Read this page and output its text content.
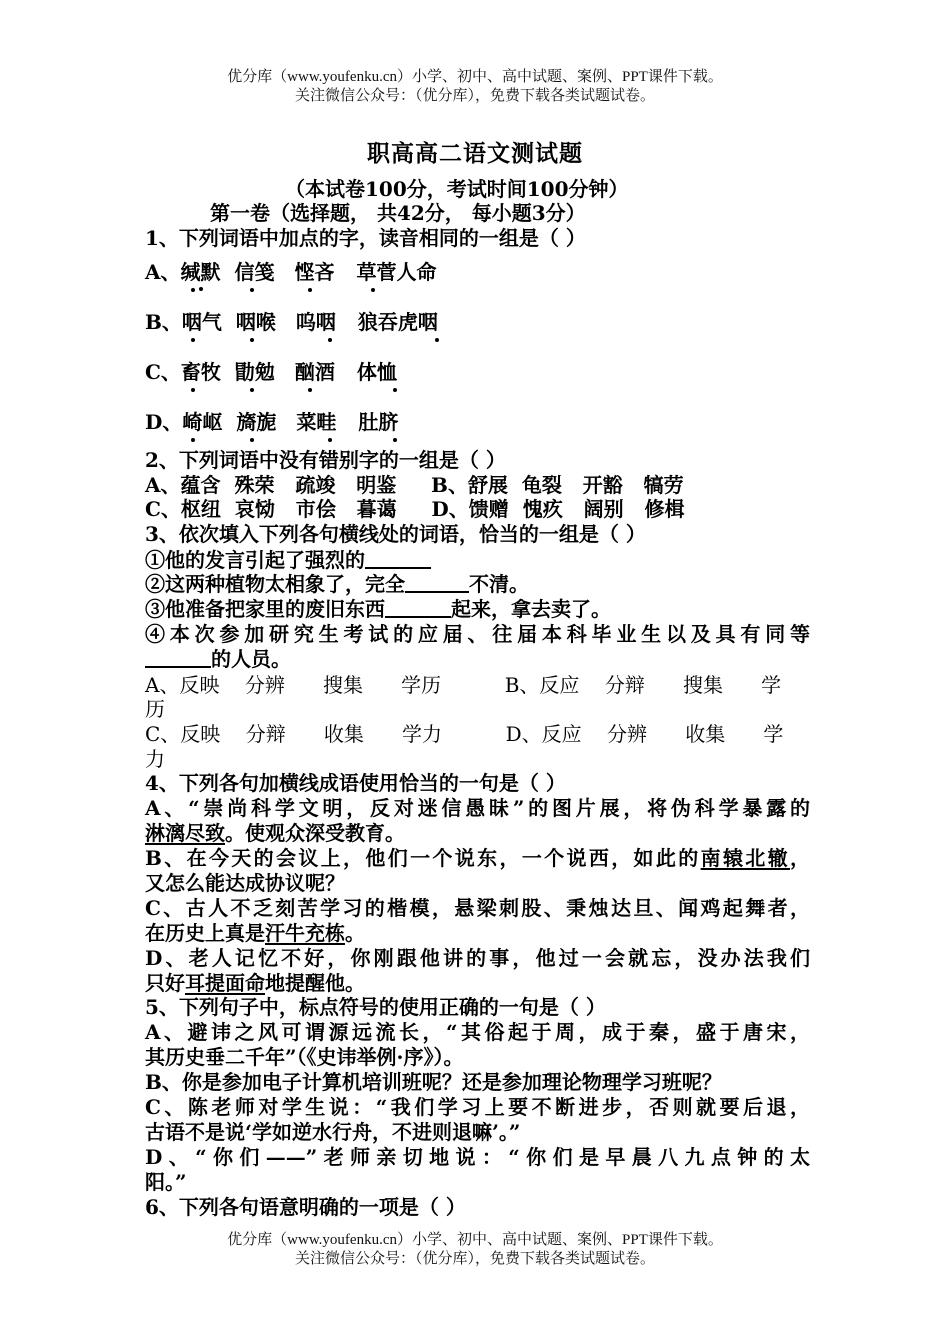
优分库（www.youfenku.cn）小学、初中、高中试题、案例、PPT课件下载。
关注微信公众号：（优分库），免费下载各类试题试卷。
职高高二语文测试题
（本试卷100分，考试时间100分钟）
第一卷（选择题， 共42分， 每小题3分）
1、下列词语中加点的字，读音相同的一组是（ ）
A、缄默 信笺 悭吝 草菅人命
B、咽气 咽喉 呜咽 狼吞虎咽
C、畜牧 勖勉 酗酒 体恤
D、崎岖 旖旎 菜畦 肚脐
2、下列词语中没有错别字的一组是（ ）
A、蕴含  殊荣   疏竣   明鉴     B、舒展  龟裂   开豁   犒劳
C、枢纽  哀恸   市侩   暮蔼     D、馈赠  愧疚   阔别   修楫
3、依次填入下列各句横线处的词语，恰当的一组是（ ）
①他的发言引起了强烈的
②这两种植物太相象了，完全	不清。
③他准备把家里的废旧东西	起来，拿去卖了。
④本次参加研究生考试的应届、往届本科毕业生以及具有同等
的人员。
A、反映    分辨      搜集      学历          B、反应    分辩      搜集      学
历
C、反映    分辩      收集      学力          D、反应    分辨      收集      学
力
4、下列各句加横线成语使用恰当的一句是（ ）
A、“崇尚科学文明，反对迷信愚昧”的图片展，将伪科学暴露的
淋漓尽致。使观众深受教育。
B、在今天的会议上，他们一个说东，一个说西，如此的南辕北辙，
又怎么能达成协议呢？
C、古人不乏刻苦学习的楷模，悬梁刺股、秉烛达旦、闻鸡起舞者，
在历史上真是汗牛充栋。
D、老人记忆不好，你刚跟他讲的事，他过一会就忘，没办法我们
只好耳提面命地提醒他。
5、下列句子中，标点符号的使用正确的一句是（ ）
A、避讳之风可谓源远流长，“其俗起于周，成于秦，盛于唐宋，
其历史垂二千年”（《史讳举例·序》）。
B、你是参加电子计算机培训班呢？还是参加理论物理学习班呢？
C、陈老师对学生说：“我们学习上要不断进步，否则就要后退，
古语不是说‘学如逆水行舟，不进则退嘛’。”
D、“你们——”老师亲切地说：“你们是早晨八九点钟的太
阳。”
6、下列各句语意明确的一项是（ ）
优分库（www.youfenku.cn）小学、初中、高中试题、案例、PPT课件下载。
关注微信公众号：（优分库），免费下载各类试题试卷。
